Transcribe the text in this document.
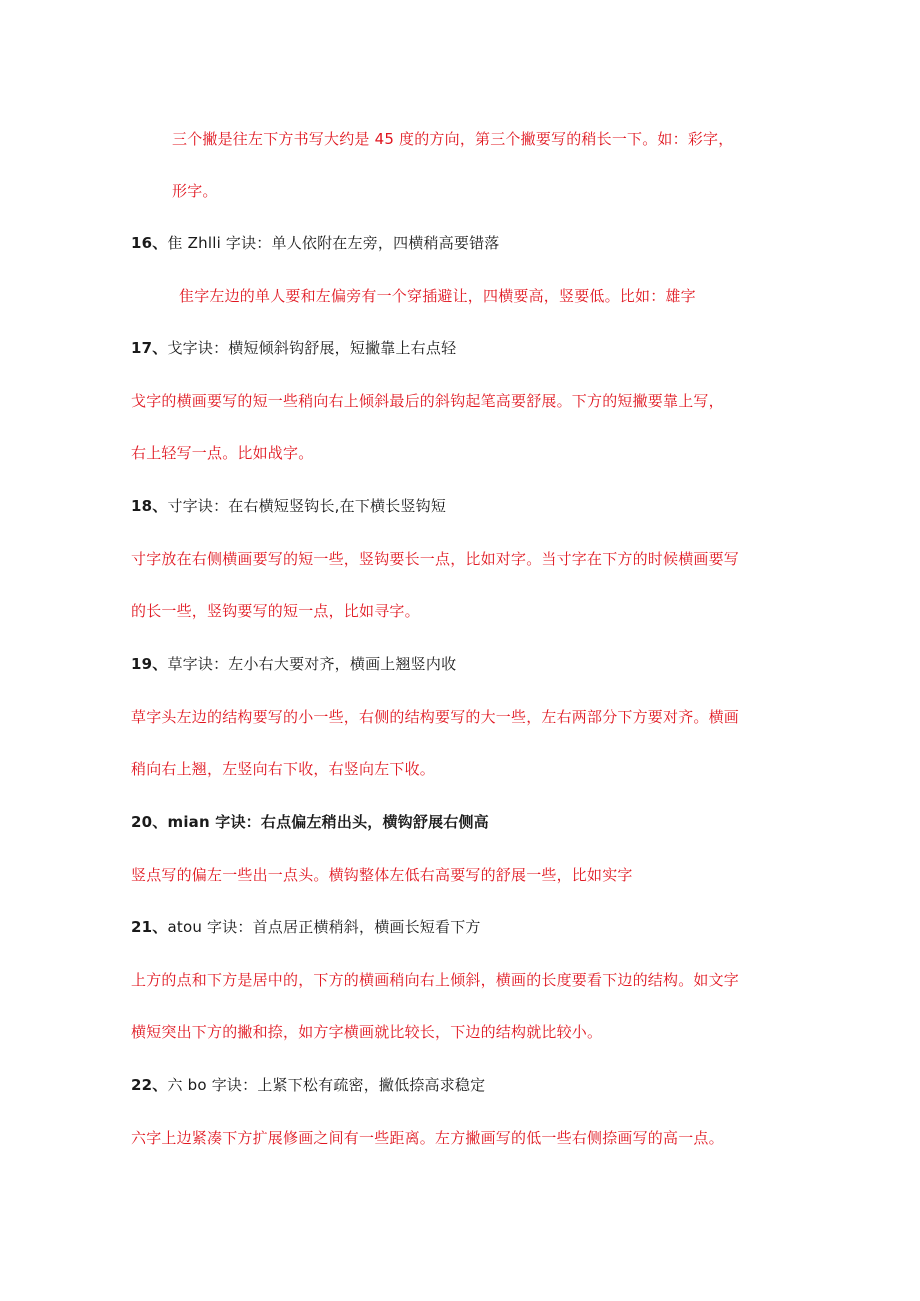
三个撇是往左下方书写大约是 45 度的方向，第三个撇要写的稍长一下。如：彩字，
形字。
16、隹 Zhlli 字诀：单人依附在左旁，四横稍高要错落
隹字左边的单人要和左偏旁有一个穿插避让，四横要高，竖要低。比如：雄字
17、戈字诀：横短倾斜钩舒展，短撇靠上右点轻
戈字的横画要写的短一些稍向右上倾斜最后的斜钩起笔高要舒展。下方的短撇要靠上写，
右上轻写一点。比如战字。
18、寸字诀：在右横短竖钩长,在下横长竖钩短
寸字放在右侧横画要写的短一些，竖钩要长一点，比如对字。当寸字在下方的时候横画要写
的长一些，竖钩要写的短一点，比如寻字。
19、草字诀：左小右大要对齐，横画上翘竖内收
草字头左边的结构要写的小一些，右侧的结构要写的大一些，左右两部分下方要对齐。横画
稍向右上翘，左竖向右下收，右竖向左下收。
20、mian 字诀：右点偏左稍出头，横钩舒展右侧高
竖点写的偏左一些出一点头。横钩整体左低右高要写的舒展一些，比如实字
21、atou 字诀：首点居正横稍斜，横画长短看下方
上方的点和下方是居中的，下方的横画稍向右上倾斜，横画的长度要看下边的结构。如文字
横短突出下方的撇和捺，如方字横画就比较长，下边的结构就比较小。
22、六 bo 字诀：上紧下松有疏密，撇低捺高求稳定
六字上边紧凑下方扩展修画之间有一些距离。左方撇画写的低一些右侧捺画写的高一点。
